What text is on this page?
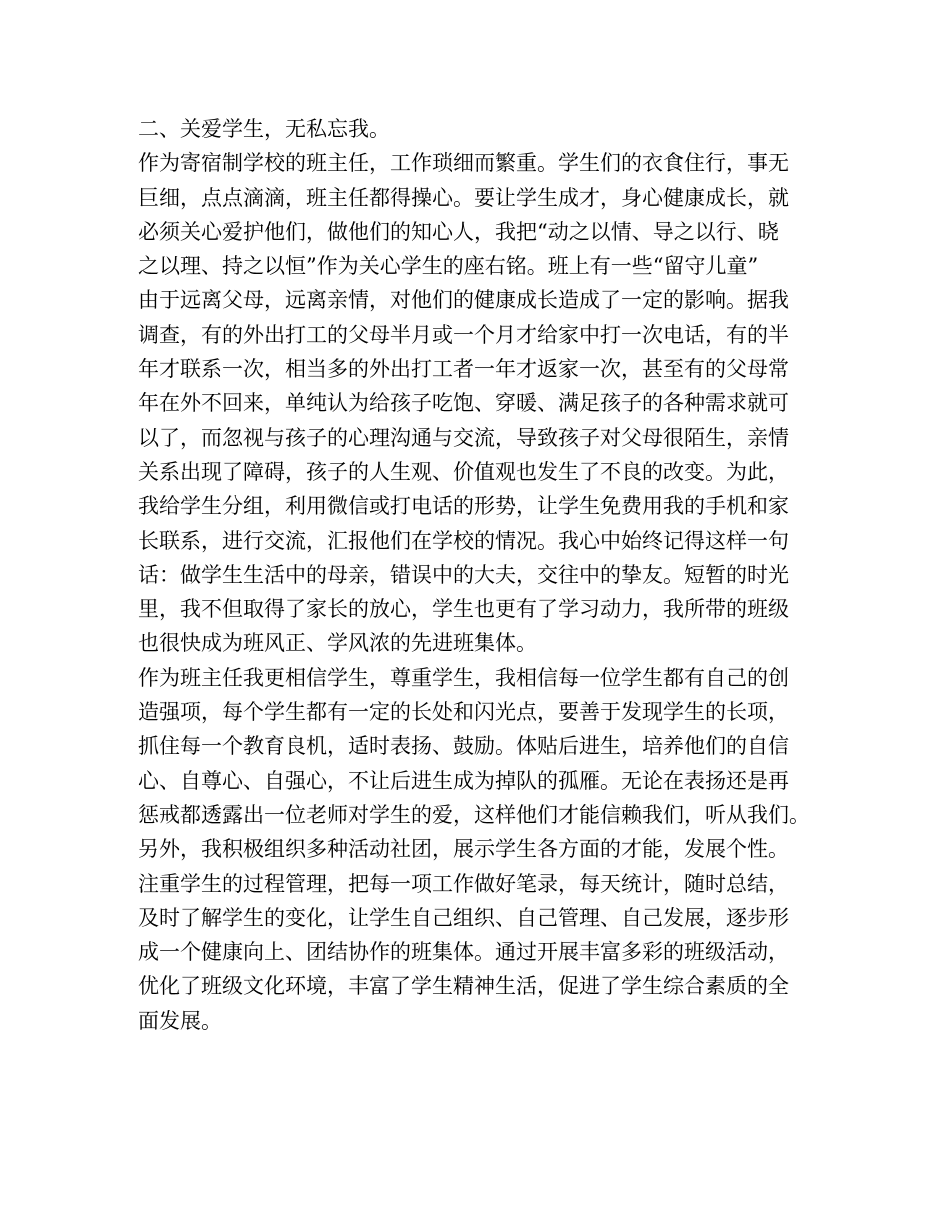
二、关爱学生，无私忘我。
作为寄宿制学校的班主任，工作琐细而繁重。学生们的衣食住行，事无
巨细，点点滴滴，班主任都得操心。要让学生成才，身心健康成长，就
必须关心爱护他们，做他们的知心人，我把“动之以情、导之以行、晓
之以理、持之以恒”作为关心学生的座右铭。班上有一些“留守儿童”
由于远离父母，远离亲情，对他们的健康成长造成了一定的影响。据我
调查，有的外出打工的父母半月或一个月才给家中打一次电话，有的半
年才联系一次，相当多的外出打工者一年才返家一次，甚至有的父母常
年在外不回来，单纯认为给孩子吃饱、穿暖、满足孩子的各种需求就可
以了，而忽视与孩子的心理沟通与交流，导致孩子对父母很陌生，亲情
关系出现了障碍，孩子的人生观、价值观也发生了不良的改变。为此，
我给学生分组，利用微信或打电话的形势，让学生免费用我的手机和家
长联系，进行交流，汇报他们在学校的情况。我心中始终记得这样一句
话：做学生生活中的母亲，错误中的大夫，交往中的挚友。短暂的时光
里，我不但取得了家长的放心，学生也更有了学习动力，我所带的班级
也很快成为班风正、学风浓的先进班集体。
作为班主任我更相信学生，尊重学生，我相信每一位学生都有自己的创
造强项，每个学生都有一定的长处和闪光点，要善于发现学生的长项，
抓住每一个教育良机，适时表扬、鼓励。体贴后进生，培养他们的自信
心、自尊心、自强心，不让后进生成为掉队的孤雁。无论在表扬还是再
惩戒都透露出一位老师对学生的爱，这样他们才能信赖我们，听从我们。
另外，我积极组织多种活动社团，展示学生各方面的才能，发展个性。
注重学生的过程管理，把每一项工作做好笔录，每天统计，随时总结，
及时了解学生的变化，让学生自己组织、自己管理、自己发展，逐步形
成一个健康向上、团结协作的班集体。通过开展丰富多彩的班级活动，
优化了班级文化环境，丰富了学生精神生活，促进了学生综合素质的全
面发展。
